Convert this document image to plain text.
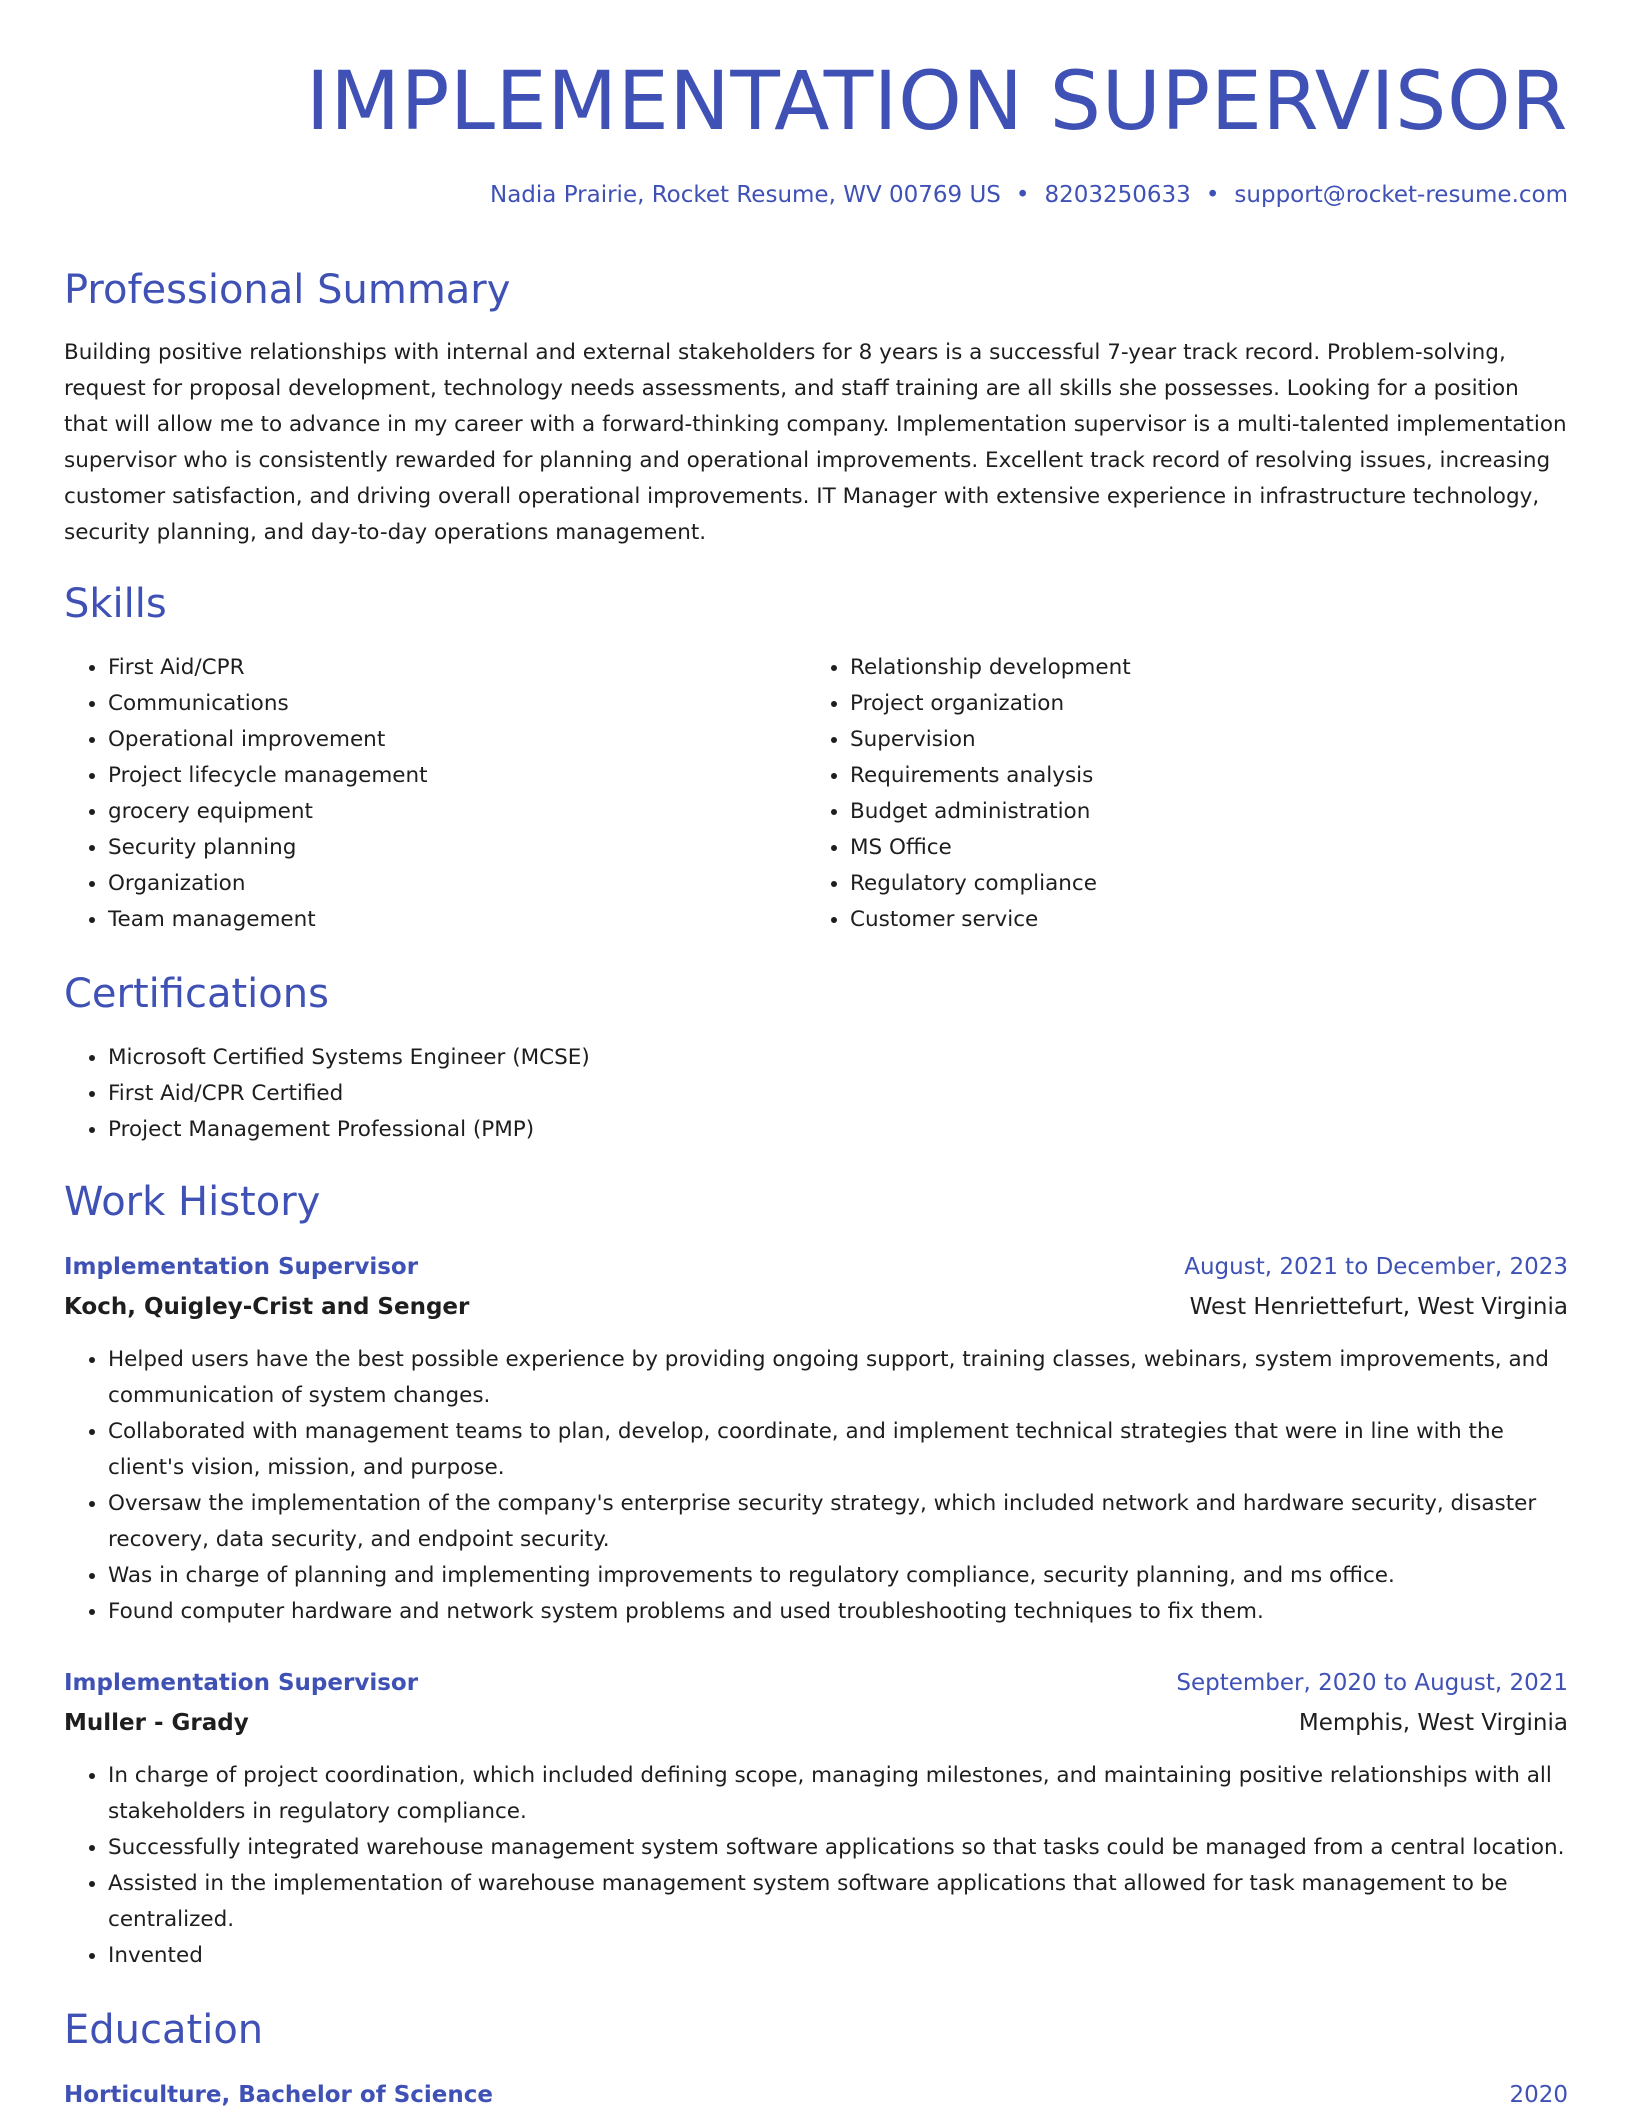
IMPLEMENTATION SUPERVISOR
Nadia Prairie, Rocket Resume, WV 00769 US • 8203250633 • support@rocket-resume.com
Professional Summary

Building positive relationships with internal and external stakeholders for 8 years is a successful 7-year track record. Problem-solving, request for proposal development, technology needs assessments, and staff training are all skills she possesses. Looking for a position that will allow me to advance in my career with a forward-thinking company. Implementation supervisor is a multi-talented implementation supervisor who is consistently rewarded for planning and operational improvements. Excellent track record of resolving issues, increasing customer satisfaction, and driving overall operational improvements. IT Manager with extensive experience in infrastructure technology, security planning, and day-to-day operations management.

Skills
• First Aid/CPR
• Communications
• Operational improvement
• Project lifecycle management
• grocery equipment
• Security planning
• Organization
• Team management
• Relationship development
• Project organization
• Supervision
• Requirements analysis
• Budget administration
• MS Office
• Regulatory compliance
• Customer service
Certifications
• Microsoft Certified Systems Engineer (MCSE)
• First Aid/CPR Certified
• Project Management Professional (PMP)
Work History
Implementation Supervisor	August, 2021 to December, 2023
Koch, Quigley-Crist and Senger	West Henriettefurt, West Virginia
• Helped users have the best possible experience by providing ongoing support, training classes, webinars, system improvements, and communication of system changes.
• Collaborated with management teams to plan, develop, coordinate, and implement technical strategies that were in line with the client's vision, mission, and purpose.
• Oversaw the implementation of the company's enterprise security strategy, which included network and hardware security, disaster recovery, data security, and endpoint security.
• Was in charge of planning and implementing improvements to regulatory compliance, security planning, and ms office.
• Found computer hardware and network system problems and used troubleshooting techniques to fix them.
Implementation Supervisor	September, 2020 to August, 2021
Muller - Grady	Memphis, West Virginia
• In charge of project coordination, which included defining scope, managing milestones, and maintaining positive relationships with all stakeholders in regulatory compliance.
• Successfully integrated warehouse management system software applications so that tasks could be managed from a central location.
• Assisted in the implementation of warehouse management system software applications that allowed for task management to be centralized.
• Invented
Education
Horticulture, Bachelor of Science	2020
